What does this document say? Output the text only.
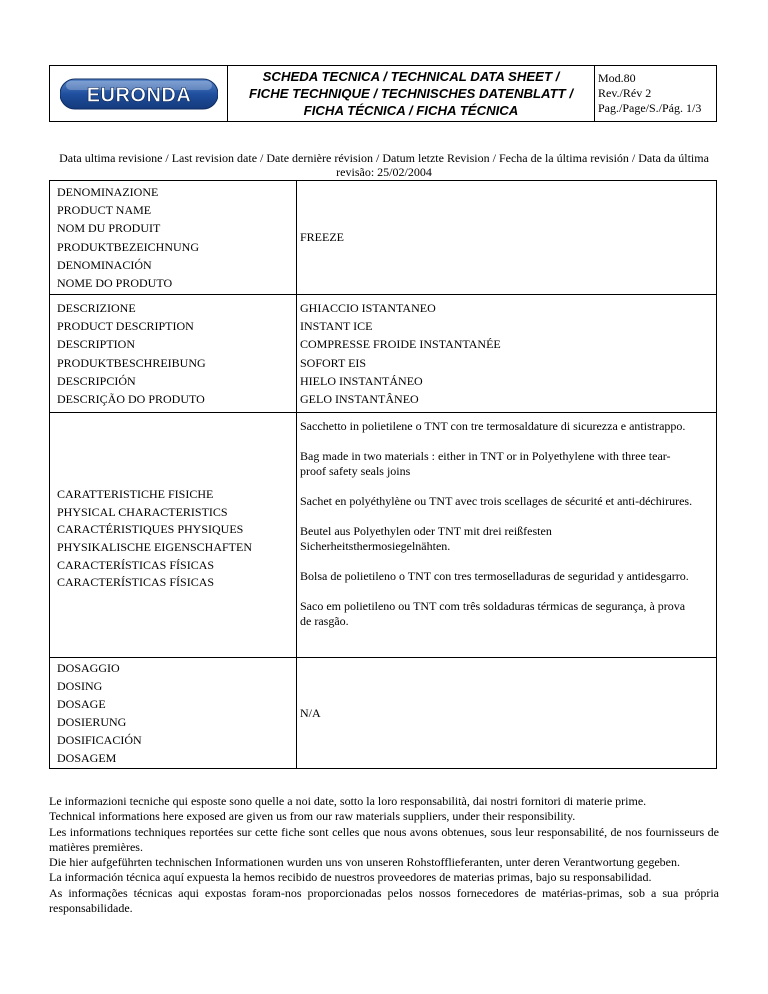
EURONDA
SCHEDA TECNICA / TECHNICAL DATA SHEET /
FICHE TECHNIQUE / TECHNISCHES DATENBLATT /
FICHA TÉCNICA / FICHA TÉCNICA
Mod.80
Rev./Rév 2
Pag./Page/S./Pág. 1/3
Data ultima revisione / Last revision date / Date dernière révision / Datum letzte Revision / Fecha de la última revisión / Data da última revisão: 25/02/2004
DENOMINAZIONE
PRODUCT NAME
NOM DU PRODUIT
PRODUKTBEZEICHNUNG
DENOMINACIÓN
NOME DO PRODUTO
FREEZE
DESCRIZIONE
PRODUCT DESCRIPTION
DESCRIPTION
PRODUKTBESCHREIBUNG
DESCRIPCIÓN
DESCRIÇÃO DO PRODUTO
GHIACCIO ISTANTANEO
INSTANT ICE
COMPRESSE FROIDE INSTANTANÉE
SOFORT EIS
HIELO INSTANTÁNEO
GELO INSTANTÂNEO
CARATTERISTICHE FISICHE
PHYSICAL CHARACTERISTICS
CARACTÉRISTIQUES PHYSIQUES
PHYSIKALISCHE EIGENSCHAFTEN
CARACTERÍSTICAS FÍSICAS
CARACTERÍSTICAS FÍSICAS
Sacchetto in polietilene o TNT con tre termosaldature di sicurezza e antistrappo.
Bag made in two materials : either in TNT or in Polyethylene with three tear-proof safety seals joins
Sachet en polyéthylène ou TNT avec trois scellages de sécurité et anti-déchirures.
Beutel aus Polyethylen oder TNT mit drei reißfesten Sicherheitsthermosiegelnähten.
Bolsa de polietileno o TNT con tres termoselladuras de seguridad y antidesgarro.
Saco em polietileno ou TNT com três soldaduras térmicas de segurança, à prova de rasgão.
DOSAGGIO
DOSING
DOSAGE
DOSIERUNG
DOSIFICACIÓN
DOSAGEM
N/A
Le informazioni tecniche qui esposte sono quelle a noi date, sotto la loro responsabilità, dai nostri fornitori di materie prime.
Technical informations here exposed are given us from our raw materials suppliers, under their responsibility.
Les informations techniques reportées sur cette fiche sont celles que nous avons obtenues, sous leur responsabilité, de nos fournisseurs de matières premières.
Die hier aufgeführten technischen Informationen wurden uns von unseren Rohstofflieferanten, unter deren Verantwortung gegeben.
La información técnica aquí expuesta la hemos recibido de nuestros proveedores de materias primas, bajo su responsabilidad.
As informações técnicas aqui expostas foram-nos proporcionadas pelos nossos fornecedores de matérias-primas, sob a sua própria responsabilidade.
